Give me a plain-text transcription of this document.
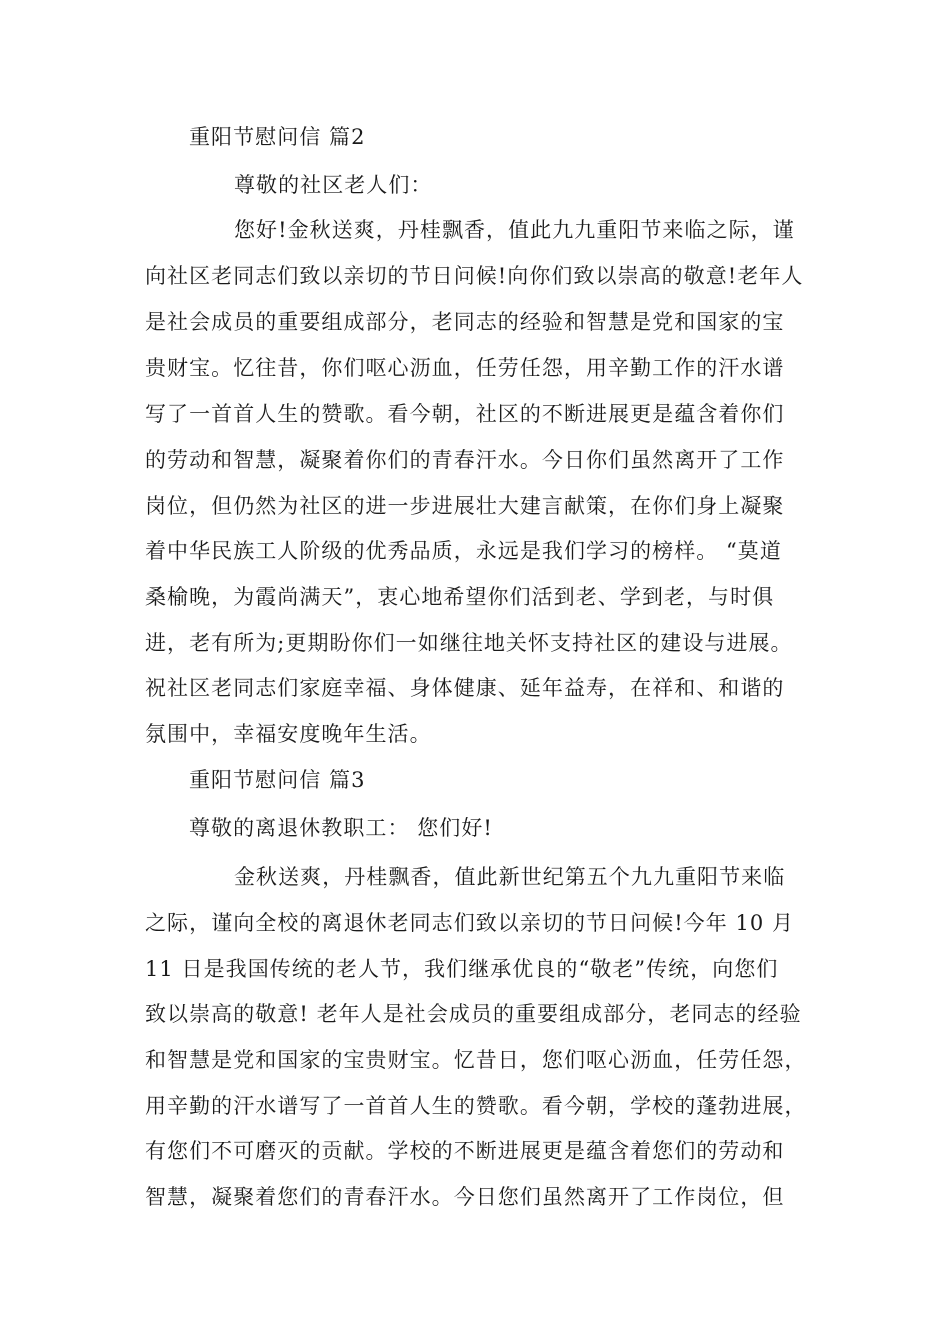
重阳节慰问信 篇2
尊敬的社区老人们：
您好!金秋送爽，丹桂飘香，值此九九重阳节来临之际，谨
向社区老同志们致以亲切的节日问候!向你们致以崇高的敬意!老年人
是社会成员的重要组成部分，老同志的经验和智慧是党和国家的宝
贵财宝。忆往昔，你们呕心沥血，任劳任怨，用辛勤工作的汗水谱
写了一首首人生的赞歌。看今朝，社区的不断进展更是蕴含着你们
的劳动和智慧，凝聚着你们的青春汗水。今日你们虽然离开了工作
岗位，但仍然为社区的进一步进展壮大建言献策，在你们身上凝聚
着中华民族工人阶级的优秀品质，永远是我们学习的榜样。 “莫道
桑榆晚，为霞尚满天”，衷心地希望你们活到老、学到老，与时俱
进，老有所为;更期盼你们一如继往地关怀支持社区的建设与进展。
祝社区老同志们家庭幸福、身体健康、延年益寿，在祥和、和谐的
氛围中，幸福安度晚年生活。
重阳节慰问信 篇3
尊敬的离退休教职工： 您们好!
金秋送爽，丹桂飘香，值此新世纪第五个九九重阳节来临
之际，谨向全校的离退休老同志们致以亲切的节日问候!今年 10 月
11 日是我国传统的老人节，我们继承优良的“敬老”传统，向您们
致以崇高的敬意! 老年人是社会成员的重要组成部分，老同志的经验
和智慧是党和国家的宝贵财宝。忆昔日，您们呕心沥血，任劳任怨，
用辛勤的汗水谱写了一首首人生的赞歌。看今朝，学校的蓬勃进展，
有您们不可磨灭的贡献。学校的不断进展更是蕴含着您们的劳动和
智慧，凝聚着您们的青春汗水。今日您们虽然离开了工作岗位，但
